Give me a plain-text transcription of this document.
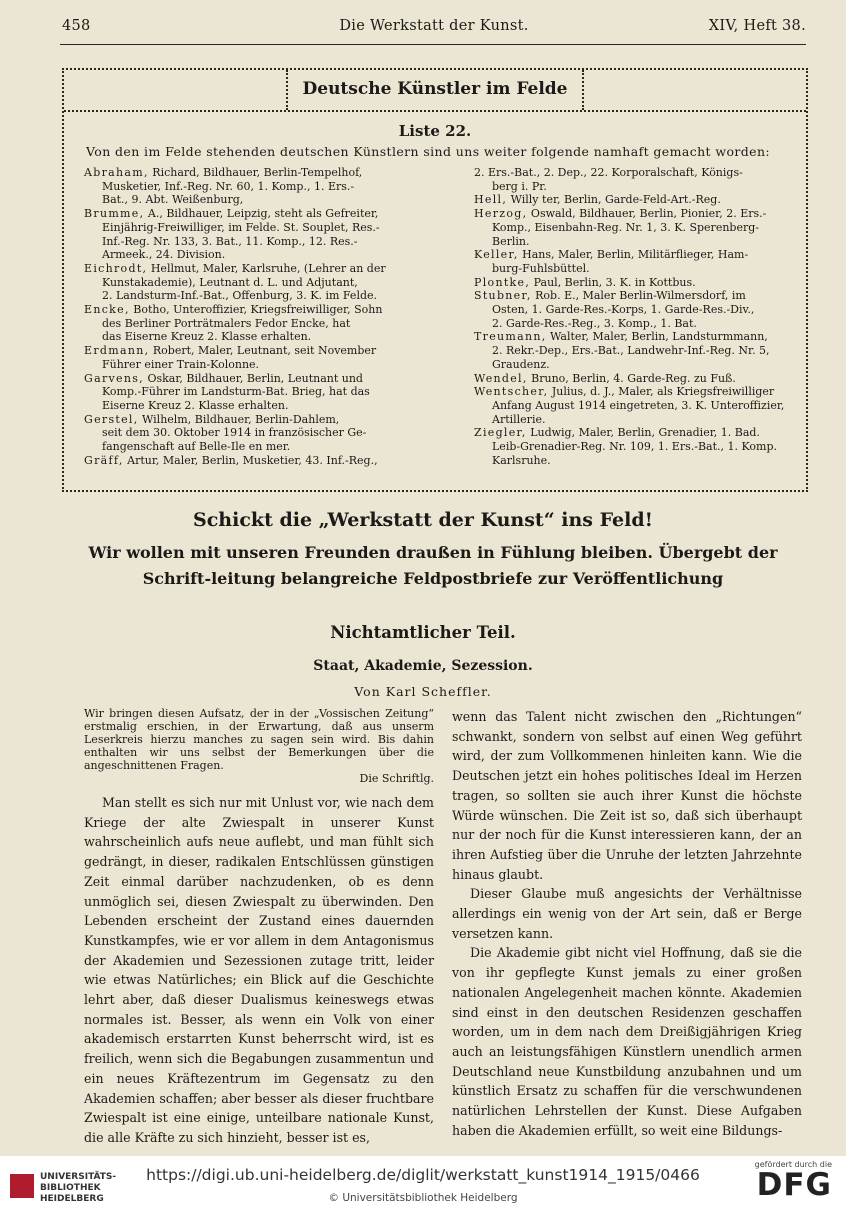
458	Die Werkstatt der Kunst.	XIV, Heft 38.
Deutsche Künstler im Felde
Liste 22.
Von den im Felde stehenden deutschen Künstlern sind uns weiter folgende namhaft gemacht worden:
Abraham, Richard, Bildhauer, Berlin-Tempelhof,
Musketier, Inf.-Reg. Nr. 60, 1. Komp., 1. Ers.-
Bat., 9. Abt. Weißenburg,
Brumme, A., Bildhauer, Leipzig, steht als Gefreiter,
Einjährig-Freiwilliger, im Felde. St. Souplet, Res.-
Inf.-Reg. Nr. 133, 3. Bat., 11. Komp., 12. Res.-
Armeek., 24. Division.
Eichrodt, Hellmut, Maler, Karlsruhe, (Lehrer an der
Kunstakademie), Leutnant d. L. und Adjutant,
2. Landsturm-Inf.-Bat., Offenburg, 3. K. im Felde.
Encke, Botho, Unteroffizier, Kriegsfreiwilliger, Sohn
des Berliner Porträtmalers Fedor Encke, hat
das Eiserne Kreuz 2. Klasse erhalten.
Erdmann, Robert, Maler, Leutnant, seit November
Führer einer Train-Kolonne.
Garvens, Oskar, Bildhauer, Berlin, Leutnant und
Komp.-Führer im Landsturm-Bat. Brieg, hat das
Eiserne Kreuz 2. Klasse erhalten.
Gerstel, Wilhelm, Bildhauer, Berlin-Dahlem,
seit dem 30. Oktober 1914 in französischer Ge-
fangenschaft auf Belle-Ile en mer.
Gräff, Artur, Maler, Berlin, Musketier, 43. Inf.-Reg.,
2. Ers.-Bat., 2. Dep., 22. Korporalschaft, Königs-
berg i. Pr.
Hell, Willy ter, Berlin, Garde-Feld-Art.-Reg.
Herzog, Oswald, Bildhauer, Berlin, Pionier, 2. Ers.-
Komp., Eisenbahn-Reg. Nr. 1, 3. K. Sperenberg-
Berlin.
Keller, Hans, Maler, Berlin, Militärflieger, Ham-
burg-Fuhlsbüttel.
Plontke, Paul, Berlin, 3. K. in Kottbus.
Stubner, Rob. E., Maler Berlin-Wilmersdorf, im
Osten, 1. Garde-Res.-Korps, 1. Garde-Res.-Div.,
2. Garde-Res.-Reg., 3. Komp., 1. Bat.
Treumann, Walter, Maler, Berlin, Landsturmmann,
2. Rekr.-Dep., Ers.-Bat., Landwehr-Inf.-Reg. Nr. 5,
Graudenz.
Wendel, Bruno, Berlin, 4. Garde-Reg. zu Fuß.
Wentscher, Julius, d. J., Maler, als Kriegsfreiwilliger
Anfang August 1914 eingetreten, 3. K. Unteroffizier,
Artillerie.
Ziegler, Ludwig, Maler, Berlin, Grenadier, 1. Bad.
Leib-Grenadier-Reg. Nr. 109, 1. Ers.-Bat., 1. Komp.
Karlsruhe.
Schickt die „Werkstatt der Kunst“ ins Feld!
Wir wollen mit unseren Freunden draußen in Fühlung bleiben. Übergebt der Schrift-leitung belangreiche Feldpostbriefe zur Veröffentlichung
Nichtamtlicher Teil.
Staat, Akademie, Sezession.
Von Karl Scheffler.

Wir bringen diesen Aufsatz, der in der „Vossischen Zeitung“ erstmalig erschien, in der Erwartung, daß aus unserm Leserkreis hierzu manches zu sagen sein wird. Bis dahin enthalten wir uns selbst der Bemerkungen über die angeschnittenen Fragen.
Die Schriftlg.

Man stellt es sich nur mit Unlust vor, wie nach dem Kriege der alte Zwiespalt in unserer Kunst wahrscheinlich aufs neue auflebt, und man fühlt sich gedrängt, in dieser, radikalen Entschlüssen günstigen Zeit einmal darüber nachzudenken, ob es denn unmöglich sei, diesen Zwiespalt zu überwinden. Den Lebenden erscheint der Zustand eines dauernden Kunstkampfes, wie er vor allem in dem Antagonismus der Akademien und Sezessionen zutage tritt, leider wie etwas Natürliches; ein Blick auf die Geschichte lehrt aber, daß dieser Dualismus keineswegs etwas normales ist. Besser, als wenn ein Volk von einer akademisch erstarrten Kunst beherrscht wird, ist es freilich, wenn sich die Begabungen zusammentun und ein neues Kräftezentrum im Gegensatz zu den Akademien schaffen; aber besser als dieser fruchtbare Zwiespalt ist eine einige, unteilbare nationale Kunst, die alle Kräfte zu sich hinzieht, besser ist es,

wenn das Talent nicht zwischen den „Richtungen“ schwankt, sondern von selbst auf einen Weg geführt wird, der zum Vollkommenen hinleiten kann. Wie die Deutschen jetzt ein hohes politisches Ideal im Herzen tragen, so sollten sie auch ihrer Kunst die höchste Würde wünschen. Die Zeit ist so, daß sich überhaupt nur der noch für die Kunst interessieren kann, der an ihren Aufstieg über die Unruhe der letzten Jahrzehnte hinaus glaubt.

Dieser Glaube muß angesichts der Verhältnisse allerdings ein wenig von der Art sein, daß er Berge versetzen kann.

Die Akademie gibt nicht viel Hoffnung, daß sie die von ihr gepflegte Kunst jemals zu einer großen nationalen Angelegenheit machen könnte. Akademien sind einst in den deutschen Residenzen geschaffen worden, um in dem nach dem Dreißigjährigen Krieg auch an leistungsfähigen Künstlern unendlich armen Deutschland neue Kunstbildung anzubahnen und um künstlich Ersatz zu schaffen für die verschwundenen natürlichen Lehrstellen der Kunst. Diese Aufgaben haben die Akademien erfüllt, so weit eine Bildungs-

UNIVERSITÄTS-
BIBLIOTHEK
HEIDELBERG
https://digi.ub.uni-heidelberg.de/diglit/werkstatt_kunst1914_1915/0466
© Universitätsbibliothek Heidelberg
gefördert durch die
DFG
